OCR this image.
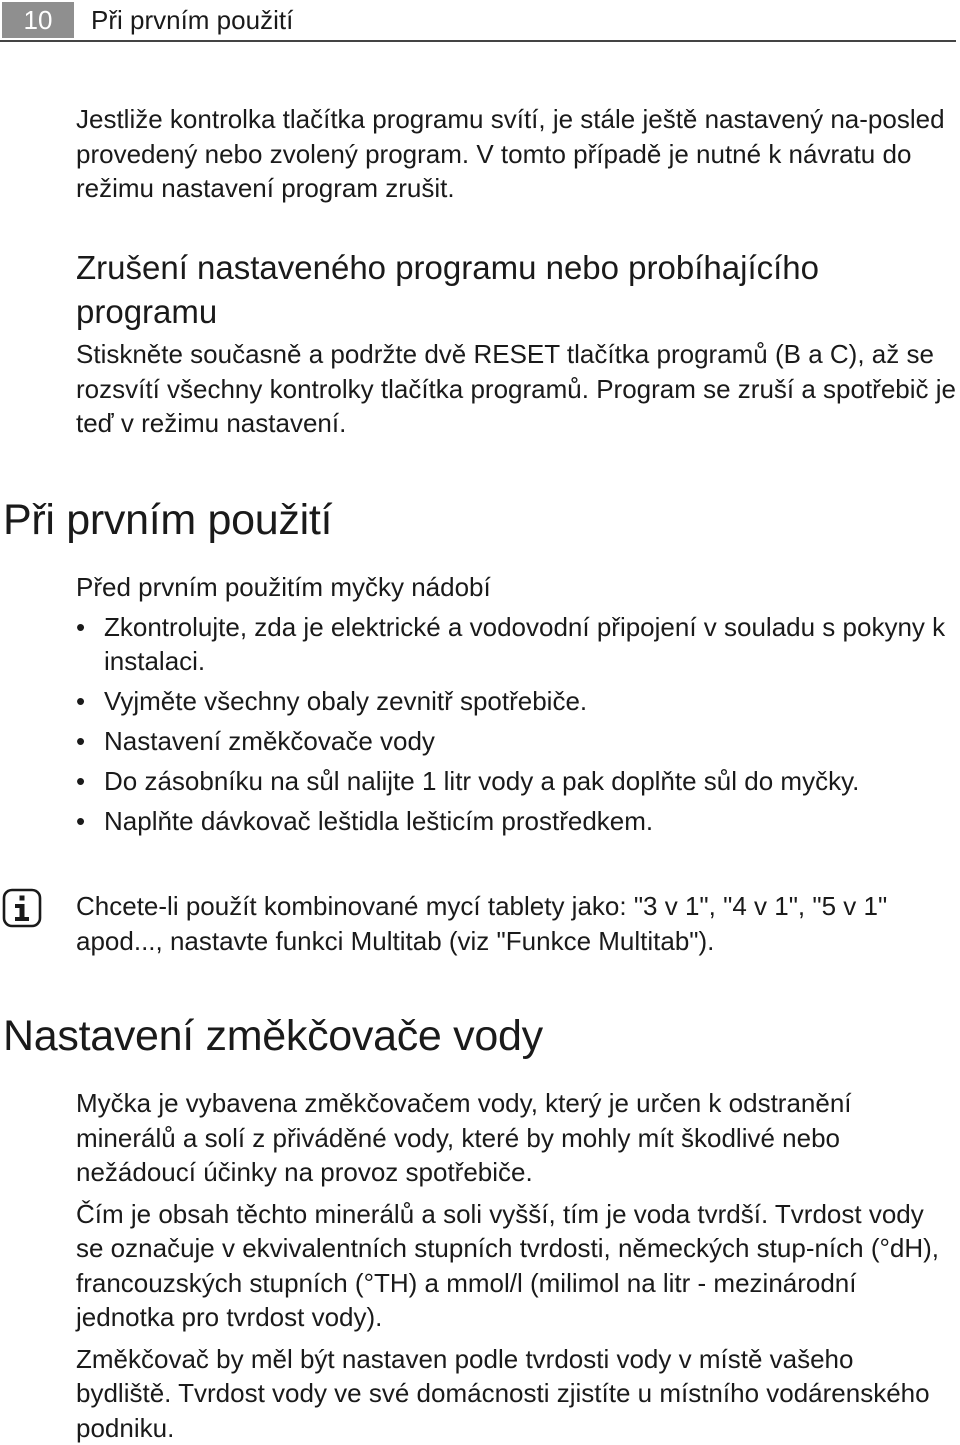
10	Při prvním použití

Jestliže kontrolka tlačítka programu svítí, je stále ještě nastavený na-posled provedený nebo zvolený program. V tomto případě je nutné k návratu do režimu nastavení program zrušit.

Zrušení nastaveného programu nebo probíhajícího programu

Stiskněte současně a podržte dvě RESET tlačítka programů (B a C), až se rozsvítí všechny kontrolky tlačítka programů. Program se zruší a spotřebič je teď v režimu nastavení.

Při prvním použití

Před prvním použitím myčky nádobí

• Zkontrolujte, zda je elektrické a vodovodní připojení v souladu s pokyny k instalaci.
• Vyjměte všechny obaly zevnitř spotřebiče.
• Nastavení změkčovače vody
• Do zásobníku na sůl nalijte 1 litr vody a pak doplňte sůl do myčky.
• Naplňte dávkovač leštidla lešticím prostředkem.

Chcete-li použít kombinované mycí tablety jako: "3 v 1", "4 v 1", "5 v 1" apod..., nastavte funkci Multitab (viz "Funkce Multitab").

Nastavení změkčovače vody

Myčka je vybavena změkčovačem vody, který je určen k odstranění minerálů a solí z přiváděné vody, které by mohly mít škodlivé nebo nežádoucí účinky na provoz spotřebiče.

Čím je obsah těchto minerálů a soli vyšší, tím je voda tvrdší. Tvrdost vody se označuje v ekvivalentních stupních tvrdosti, německých stup-ních (°dH), francouzských stupních (°TH) a mmol/l (milimol na litr - mezinárodní jednotka pro tvrdost vody).

Změkčovač by měl být nastaven podle tvrdosti vody v místě vašeho bydliště. Tvrdost vody ve své domácnosti zjistíte u místního vodárenského podniku.
